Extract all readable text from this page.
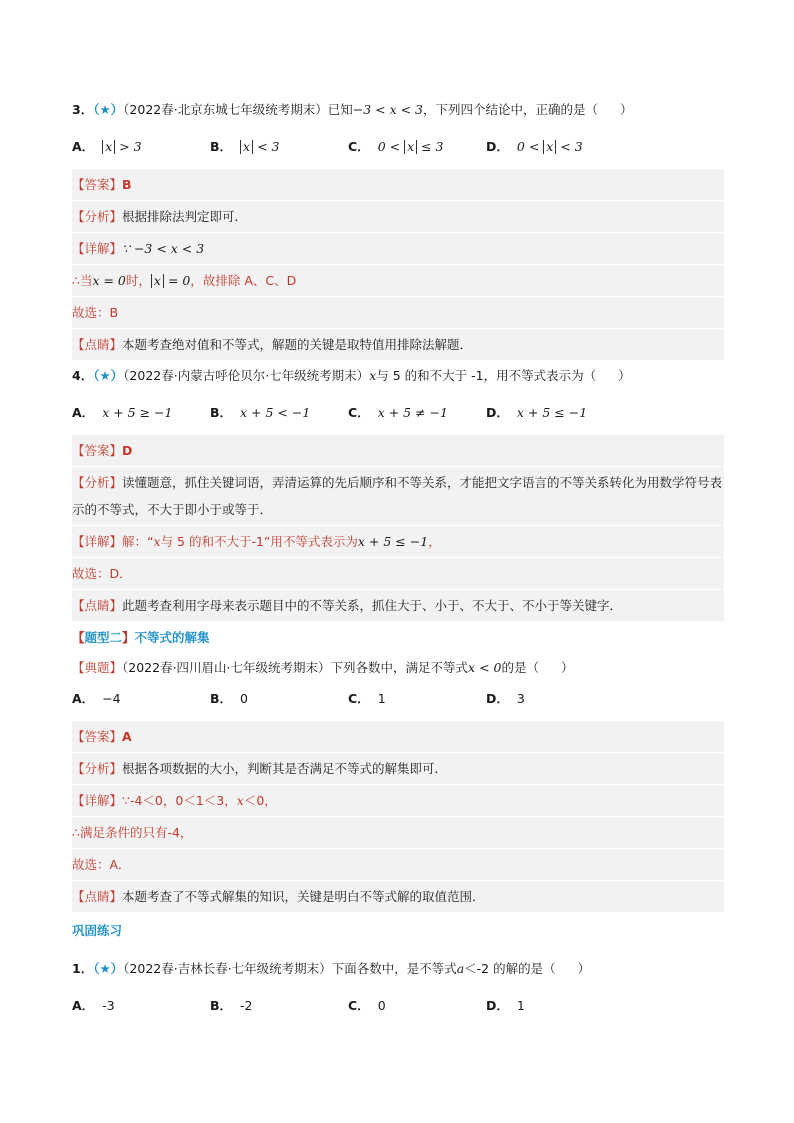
3．（★）（2022春·北京东城七年级统考期末）已知−3 < x < 3，下列四个结论中，正确的是（ ）
A． x > 3	B． x < 3	C． 0 < x ≤ 3	D． 0 < x < 3
【答案】B
【分析】根据排除法判定即可．
【详解】∵ −3 < x < 3
∴当x = 0时， x = 0，故排除 A、C、D
故选：B
【点睛】本题考查绝对值和不等式，解题的关键是取特值用排除法解题．
4．（★）（2022春·内蒙古呼伦贝尔·七年级统考期末）x与 5 的和不大于 -1，用不等式表示为（ ）
A． x + 5 ≥ −1	B． x + 5 < −1	C． x + 5 ≠ −1	D． x + 5 ≤ −1
【答案】D
【分析】读懂题意，抓住关键词语，弄清运算的先后顺序和不等关系，才能把文字语言的不等关系转化为用数学符号表示的不等式，不大于即小于或等于．
【详解】解：“x与 5 的和不大于-1”用不等式表示为x + 5 ≤ −1，
故选：D．
【点睛】此题考查利用字母来表示题目中的不等关系，抓住大于、小于、不大于、不小于等关键字．
【题型二】不等式的解集
【典题】（2022春·四川眉山·七年级统考期末）下列各数中，满足不等式x < 0的是（ ）
A． −4	B． 0	C． 1	D． 3
【答案】A
【分析】根据各项数据的大小，判断其是否满足不等式的解集即可．
【详解】∵-4＜0，0＜1＜3，x＜0，
∴满足条件的只有-4，
故选：A．
【点睛】本题考查了不等式解集的知识，关键是明白不等式解的取值范围．
巩固练习
1．（★）（2022春·吉林长春·七年级统考期末）下面各数中，是不等式a＜-2 的解的是（ ）
A． -3	B． -2	C． 0	D． 1
